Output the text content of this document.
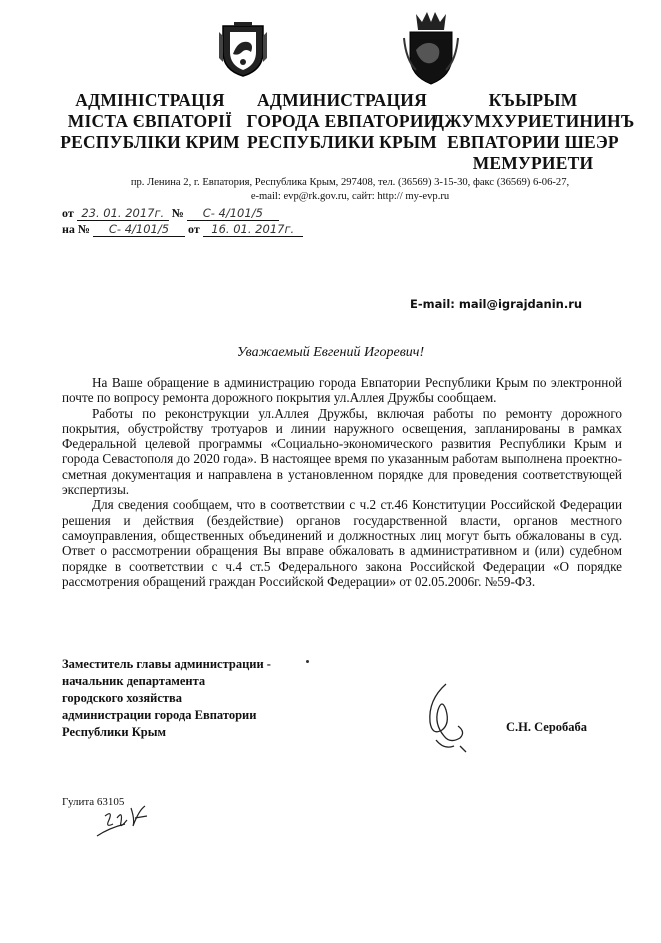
АДМІНІСТРАЦІЯ
МІСТА ЄВПАТОРІЇ
РЕСПУБЛІКИ КРИМ
АДМИНИСТРАЦИЯ
ГОРОДА ЕВПАТОРИИ
РЕСПУБЛИКИ КРЫМ
КЪЫРЫМ
ДЖУМХУРИЕТИНИНЪ
ЕВПАТОРИИ ШЕЭР
МЕМУРИЕТИ
пр. Ленина 2, г. Евпатория, Республика Крым, 297408, тел. (36569) 3-15-30, факс (36569) 6-06-27,
e-mail: evp@rk.gov.ru, сайт: http:// my-evp.ru
от 23. 01. 2017г. № С- 4/101/5
на № С- 4/101/5 от 16. 01. 2017г.
E-mail: mail@igrajdanin.ru
Уважаемый Евгений Игоревич!

На Ваше обращение в администрацию города Евпатории Республики Крым по электронной почте по вопросу ремонта дорожного покрытия ул.Аллея Дружбы сообщаем.

Работы по реконструкции ул.Аллея Дружбы, включая работы по ремонту дорожного покрытия, обустройству тротуаров и линии наружного освещения, запланированы в рамках Федеральной целевой программы «Социально-экономического развития Республики Крым и города Севастополя до 2020 года». В настоящее время по указанным работам выполнена проектно-сметная документация и направлена в установленном порядке для проведения соответствующей экспертизы.

Для сведения сообщаем, что в соответствии с ч.2 ст.46 Конституции Российской Федерации решения и действия (бездействие) органов государственной власти, органов местного самоуправления, общественных объединений и должностных лиц могут быть обжалованы в суд. Ответ о рассмотрении обращения Вы вправе обжаловать в административном и (или) судебном порядке в соответствии с ч.4 ст.5 Федерального закона Российской Федерации «О порядке рассмотрения обращений граждан Российской Федерации» от 02.05.2006г. №59-ФЗ.

Заместитель главы администрации -
начальник департамента
городского хозяйства
администрации города Евпатории
Республики Крым	С.Н. Серобаба
Гулита 63105
